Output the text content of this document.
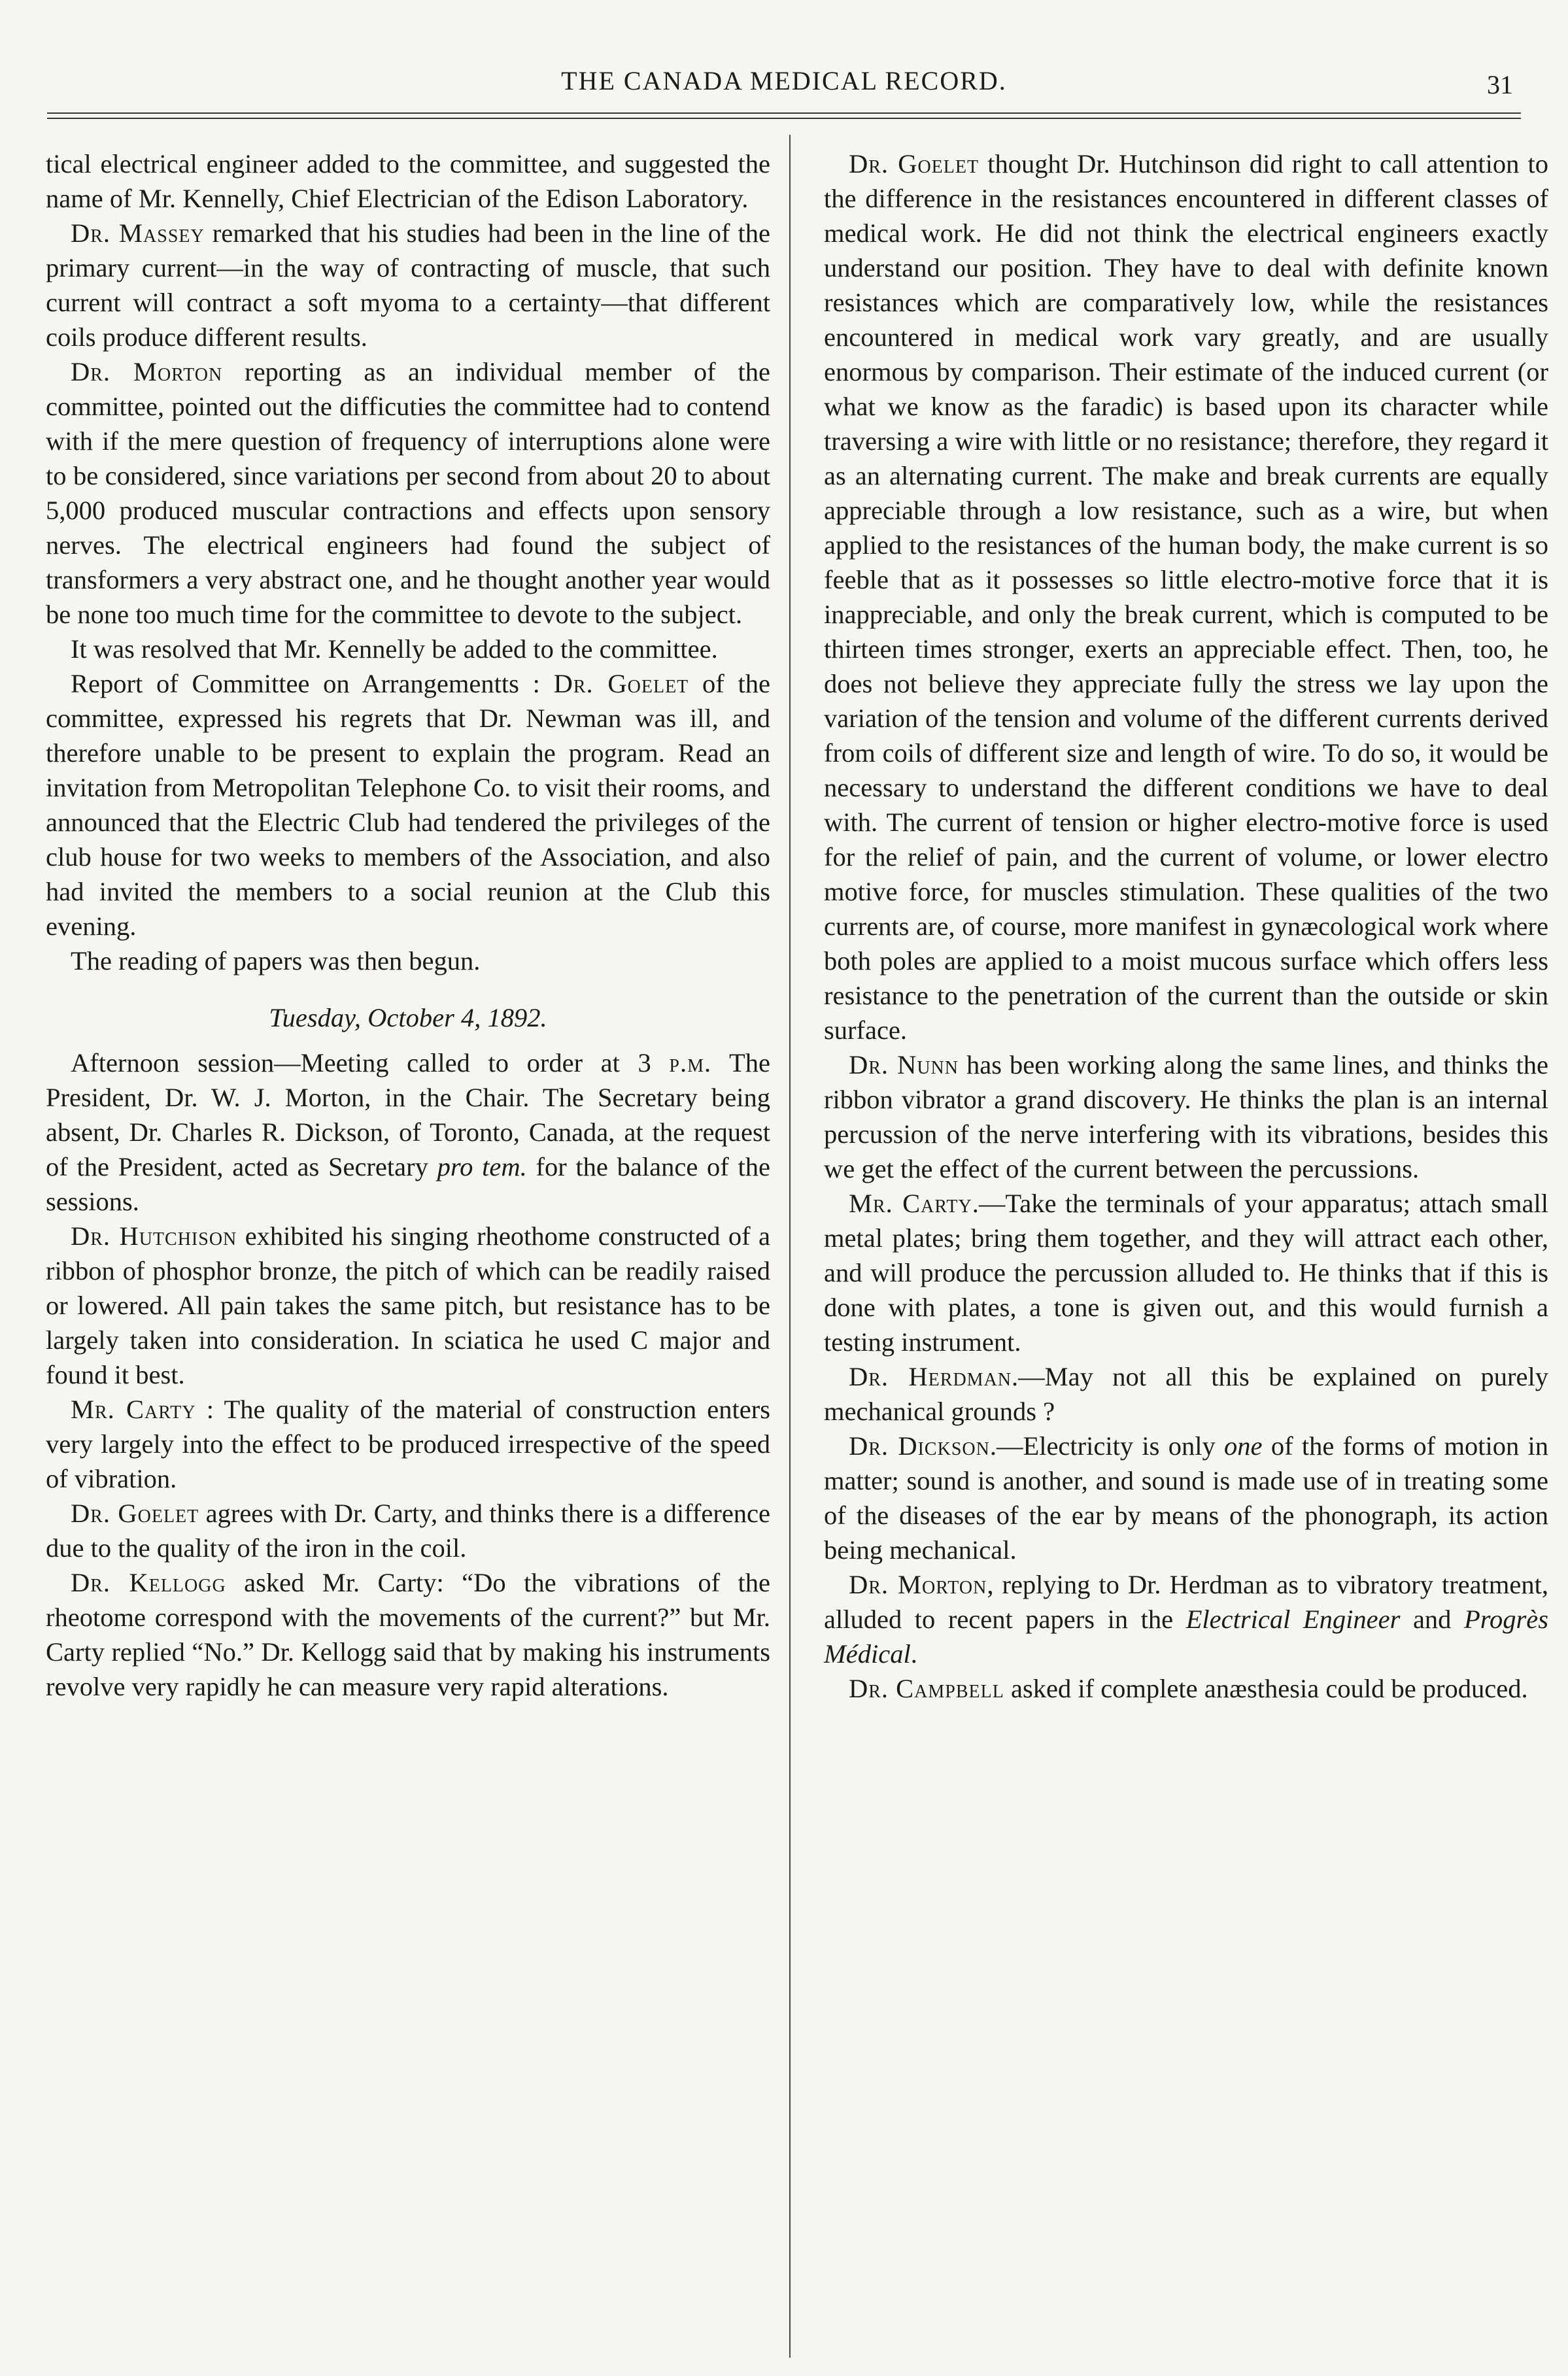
THE CANADA MEDICAL RECORD.	31

tical electrical engineer added to the committee, and suggested the name of Mr. Kennelly, Chief Electrician of the Edison Laboratory.

Dr. Massey remarked that his studies had been in the line of the primary current—in the way of contracting of muscle, that such current will contract a soft myoma to a certainty—that different coils produce different results.

Dr. Morton reporting as an individual member of the committee, pointed out the difficuties the committee had to contend with if the mere question of frequency of interruptions alone were to be considered, since variations per second from about 20 to about 5,000 produced muscular contractions and effects upon sensory nerves. The electrical engineers had found the subject of transformers a very abstract one, and he thought another year would be none too much time for the committee to devote to the subject.

It was resolved that Mr. Kennelly be added to the committee.

Report of Committee on Arrangementts : Dr. Goelet of the committee, expressed his regrets that Dr. Newman was ill, and therefore unable to be present to explain the program. Read an invitation from Metropolitan Telephone Co. to visit their rooms, and announced that the Electric Club had tendered the privileges of the club house for two weeks to members of the Association, and also had invited the members to a social reunion at the Club this evening.

The reading of papers was then begun.

Tuesday, October 4, 1892.

Afternoon session—Meeting called to order at 3 p.m. The President, Dr. W. J. Morton, in the Chair. The Secretary being absent, Dr. Charles R. Dickson, of Toronto, Canada, at the request of the President, acted as Secretary pro tem. for the balance of the sessions.

Dr. Hutchison exhibited his singing rheothome constructed of a ribbon of phosphor bronze, the pitch of which can be readily raised or lowered. All pain takes the same pitch, but resistance has to be largely taken into consideration. In sciatica he used C major and found it best.

Mr. Carty : The quality of the material of construction enters very largely into the effect to be produced irrespective of the speed of vibration.

Dr. Goelet agrees with Dr. Carty, and thinks there is a difference due to the quality of the iron in the coil.

Dr. Kellogg asked Mr. Carty: “Do the vibrations of the rheotome correspond with the movements of the current?” but Mr. Carty replied “No.” Dr. Kellogg said that by making his instruments revolve very rapidly he can measure very rapid alterations.

Dr. Goelet thought Dr. Hutchinson did right to call attention to the difference in the resistances encountered in different classes of medical work. He did not think the electrical engineers exactly understand our position. They have to deal with definite known resistances which are comparatively low, while the resistances encountered in medical work vary greatly, and are usually enormous by comparison. Their estimate of the induced current (or what we know as the faradic) is based upon its character while traversing a wire with little or no resistance; therefore, they regard it as an alternating current. The make and break currents are equally appreciable through a low resistance, such as a wire, but when applied to the resistances of the human body, the make current is so feeble that as it possesses so little electro-motive force that it is inappreciable, and only the break current, which is computed to be thirteen times stronger, exerts an appreciable effect. Then, too, he does not believe they appreciate fully the stress we lay upon the variation of the tension and volume of the different currents derived from coils of different size and length of wire. To do so, it would be necessary to understand the different conditions we have to deal with. The current of tension or higher electro-motive force is used for the relief of pain, and the current of volume, or lower electro motive force, for muscles stimulation. These qualities of the two currents are, of course, more manifest in gynæcological work where both poles are applied to a moist mucous surface which offers less resistance to the penetration of the current than the outside or skin surface.

Dr. Nunn has been working along the same lines, and thinks the ribbon vibrator a grand discovery. He thinks the plan is an internal percussion of the nerve interfering with its vibrations, besides this we get the effect of the current between the percussions.

Mr. Carty.—Take the terminals of your apparatus; attach small metal plates; bring them together, and they will attract each other, and will produce the percussion alluded to. He thinks that if this is done with plates, a tone is given out, and this would furnish a testing instrument.

Dr. Herdman.—May not all this be explained on purely mechanical grounds ?

Dr. Dickson.—Electricity is only one of the forms of motion in matter; sound is another, and sound is made use of in treating some of the diseases of the ear by means of the phonograph, its action being mechanical.

Dr. Morton, replying to Dr. Herdman as to vibratory treatment, alluded to recent papers in the Electrical Engineer and Progrès Médical.

Dr. Campbell asked if complete anæsthesia could be produced.
